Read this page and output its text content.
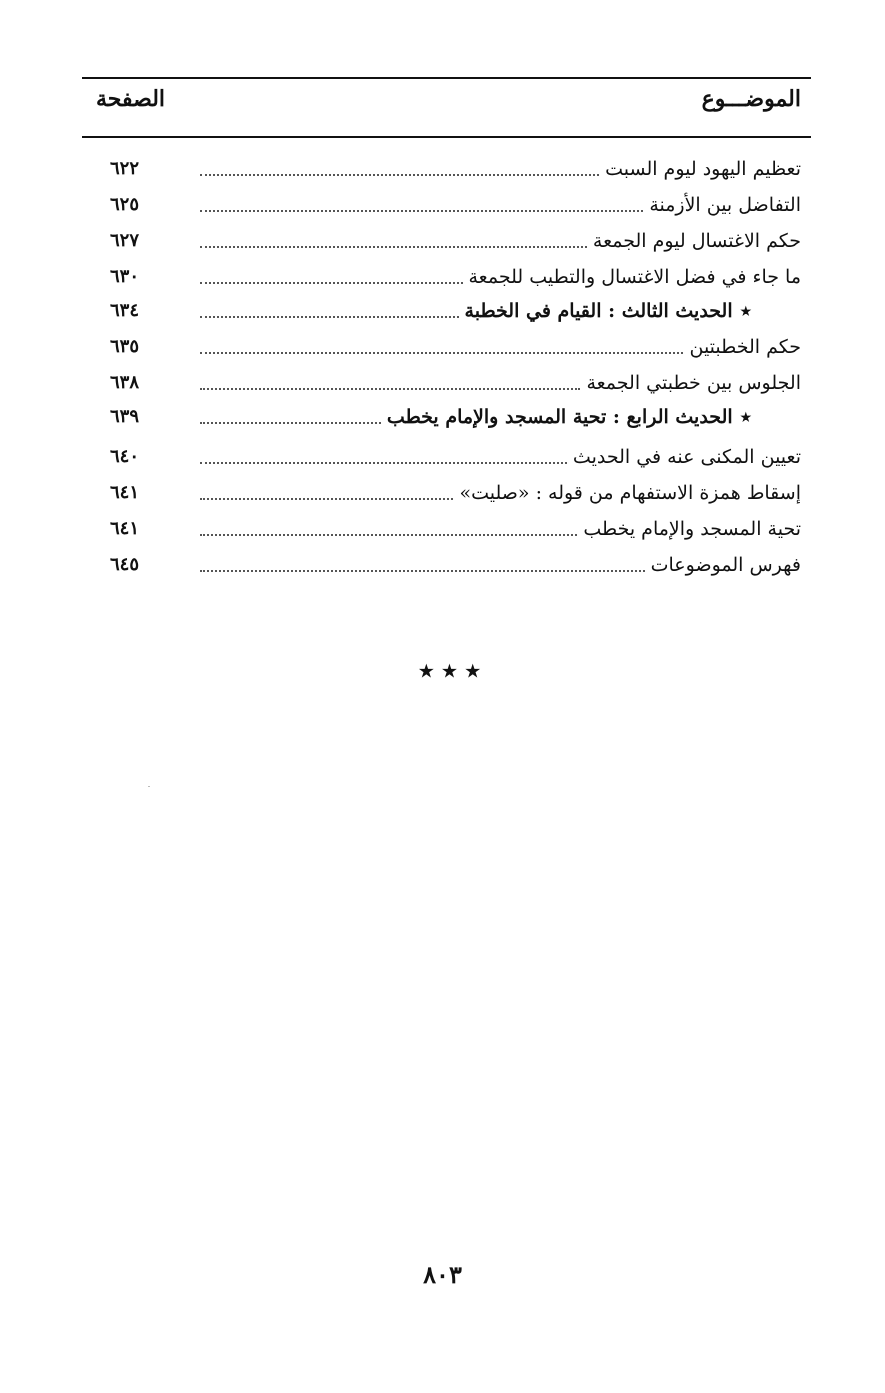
الموضـــوع
الصفحة
تعظيم اليهود ليوم السبت
٦٢٢
التفاضل بين الأزمنة
٦٢٥
حكم الاغتسال ليوم الجمعة
٦٢٧
ما جاء في فضل الاغتسال والتطيب للجمعة
٦٣٠
٭الحديث الثالث : القيام في الخطبة
٦٣٤
حكم الخطبتين
٦٣٥
الجلوس بين خطبتي الجمعة
٦٣٨
٭الحديث الرابع : تحية المسجد والإمام يخطب
٦٣٩
تعيين المكنى عنه في الحديث
٦٤٠
إسقاط همزة الاستفهام من قوله : «صليت»
٦٤١
تحية المسجد والإمام يخطب
٦٤١
فهرس الموضوعات
٦٤٥
٭ ٭ ٭
٨٠٣
